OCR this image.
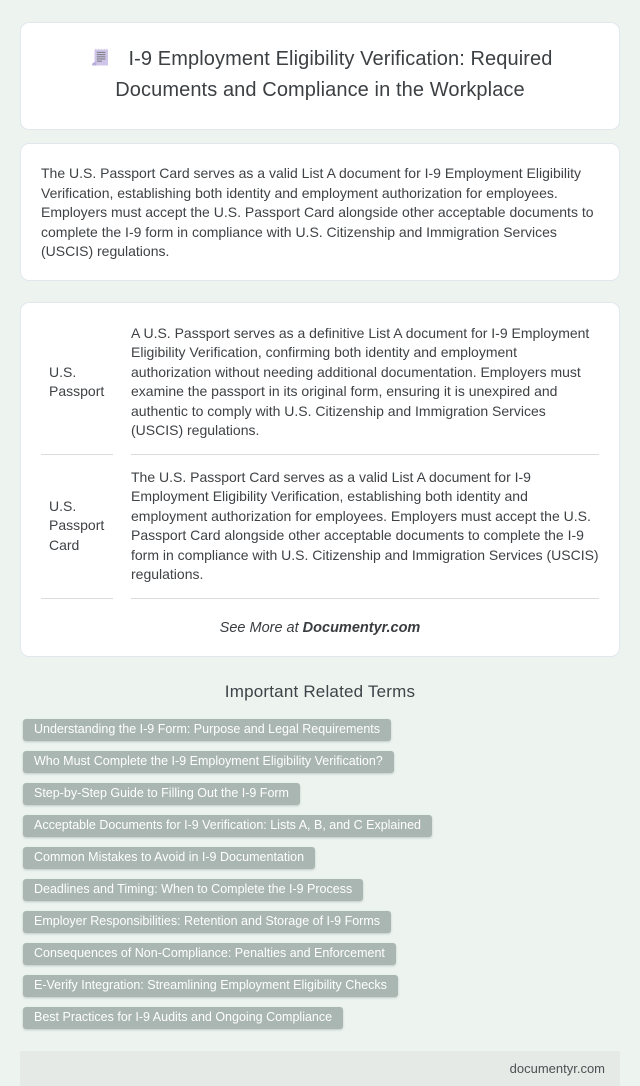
I-9 Employment Eligibility Verification: Required Documents and Compliance in the Workplace

The U.S. Passport Card serves as a valid List A document for I-9 Employment Eligibility Verification, establishing both identity and employment authorization for employees. Employers must accept the U.S. Passport Card alongside other acceptable documents to complete the I-9 form in compliance with U.S. Citizenship and Immigration Services (USCIS) regulations.

U.S. Passport
A U.S. Passport serves as a definitive List A document for I-9 Employment Eligibility Verification, confirming both identity and employment authorization without needing additional documentation. Employers must examine the passport in its original form, ensuring it is unexpired and authentic to comply with U.S. Citizenship and Immigration Services (USCIS) regulations.
U.S. Passport Card
The U.S. Passport Card serves as a valid List A document for I-9 Employment Eligibility Verification, establishing both identity and employment authorization for employees. Employers must accept the U.S. Passport Card alongside other acceptable documents to complete the I-9 form in compliance with U.S. Citizenship and Immigration Services (USCIS) regulations.
See More at Documentyr.com
Important Related Terms
Understanding the I-9 Form: Purpose and Legal Requirements
Who Must Complete the I-9 Employment Eligibility Verification?
Step-by-Step Guide to Filling Out the I-9 Form
Acceptable Documents for I-9 Verification: Lists A, B, and C Explained
Common Mistakes to Avoid in I-9 Documentation
Deadlines and Timing: When to Complete the I-9 Process
Employer Responsibilities: Retention and Storage of I-9 Forms
Consequences of Non-Compliance: Penalties and Enforcement
E-Verify Integration: Streamlining Employment Eligibility Checks
Best Practices for I-9 Audits and Ongoing Compliance
documentyr.com
